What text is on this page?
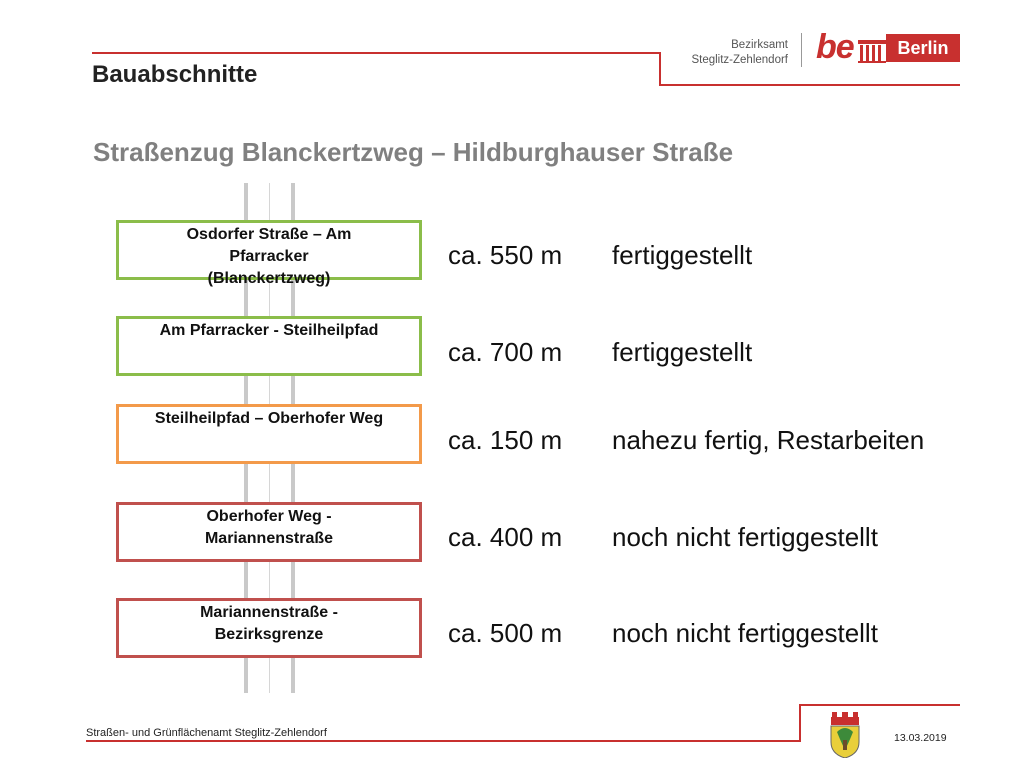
Bauabschnitte
Bezirksamt
Steglitz-Zehlendorf be	Berlin
Straßenzug Blanckertzweg – Hildburghauser Straße
Osdorfer Straße – Am
Pfarracker
(Blanckertzweg)
ca. 550 m fertiggestellt
Am Pfarracker - Steilheilpfad
ca. 700 m fertiggestellt
Steilheilpfad – Oberhofer Weg
ca. 150 m nahezu fertig, Restarbeiten
Oberhofer Weg -
Mariannenstraße	ca. 400 m noch nicht fertiggestellt
Mariannenstraße -
Bezirksgrenze	ca. 500 m noch nicht fertiggestellt
Straßen- und Grünflächenamt Steglitz-Zehlendorf	13.03.2019
